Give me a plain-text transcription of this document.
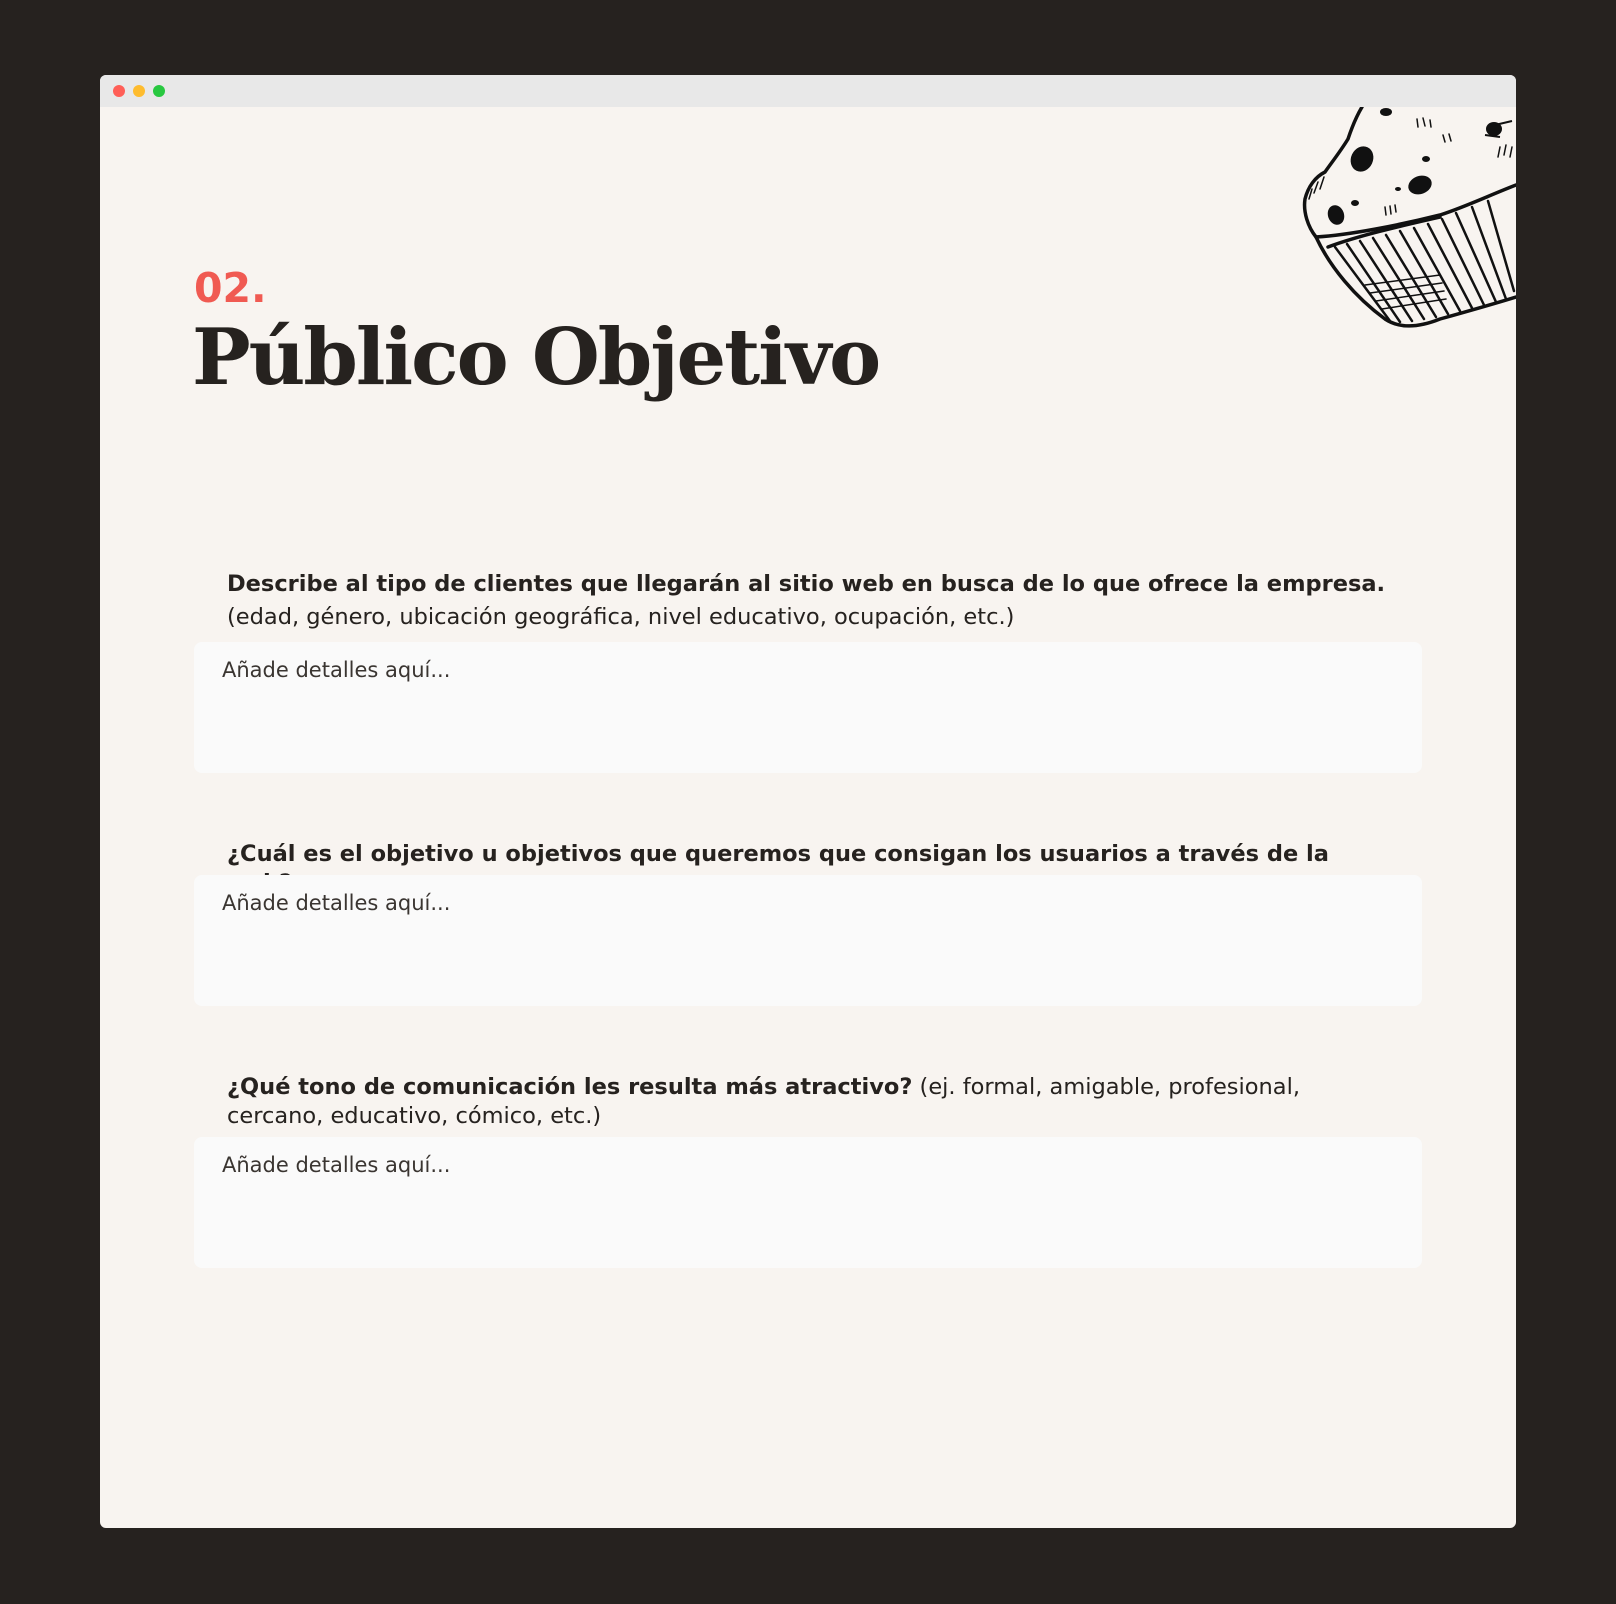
02.
Público Objetivo

Describe al tipo de clientes que llegarán al sitio web en busca de lo que ofrece la empresa.

(edad, género, ubicación geográfica, nivel educativo, ocupación, etc.)

Añade detalles aquí...

¿Cuál es el objetivo u objetivos que queremos que consigan los usuarios a través de la

Añade detalles aquí...

¿Qué tono de comunicación les resulta más atractivo? (ej. formal, amigable, profesional, cercano, educativo, cómico, etc.)

Añade detalles aquí...
